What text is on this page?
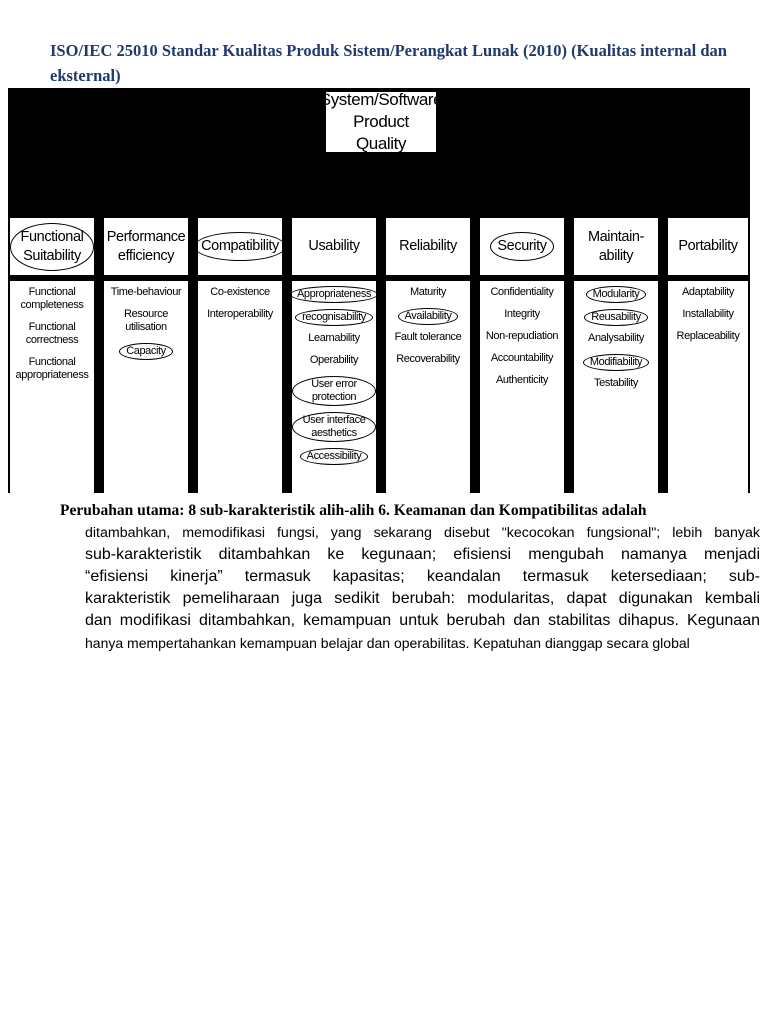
ISO/IEC 25010 Standar Kualitas Produk Sistem/Perangkat Lunak (2010) (Kualitas internal dan eksternal)
System/Software
Product Quality
Functional Suitability
Functional completeness
Functional correctness
Functional appropriateness
Performance efficiency
Time-behaviour
Resource utilisation
Capacity
Compatibility
Co-existence
Interoperability
Usability
Appropriateness
recognisability
Learnability
Operability
User error protection
User interface aesthetics
Accessibility
Reliability
Maturity
Availability
Fault tolerance
Recoverability
Security
Confidentiality
Integrity
Non-repudiation
Accountability
Authenticity
Maintain-ability
Modularity
Reusability
Analysability
Modifiability
Testability
Portability
Adaptability
Installability
Replaceability
Perubahan utama: 8 sub-karakteristik alih-alih 6. Keamanan dan Kompatibilitas adalah
ditambahkan, memodifikasi fungsi, yang sekarang disebut "kecocokan fungsional"; lebih banyak
sub-karakteristik ditambahkan ke kegunaan; efisiensi mengubah namanya menjadi
“efisiensi kinerja” termasuk kapasitas; keandalan termasuk ketersediaan; sub-
karakteristik pemeliharaan juga sedikit berubah: modularitas, dapat digunakan kembali
dan modifikasi ditambahkan, kemampuan untuk berubah dan stabilitas dihapus. Kegunaan
hanya mempertahankan kemampuan belajar dan operabilitas. Kepatuhan dianggap secara global
